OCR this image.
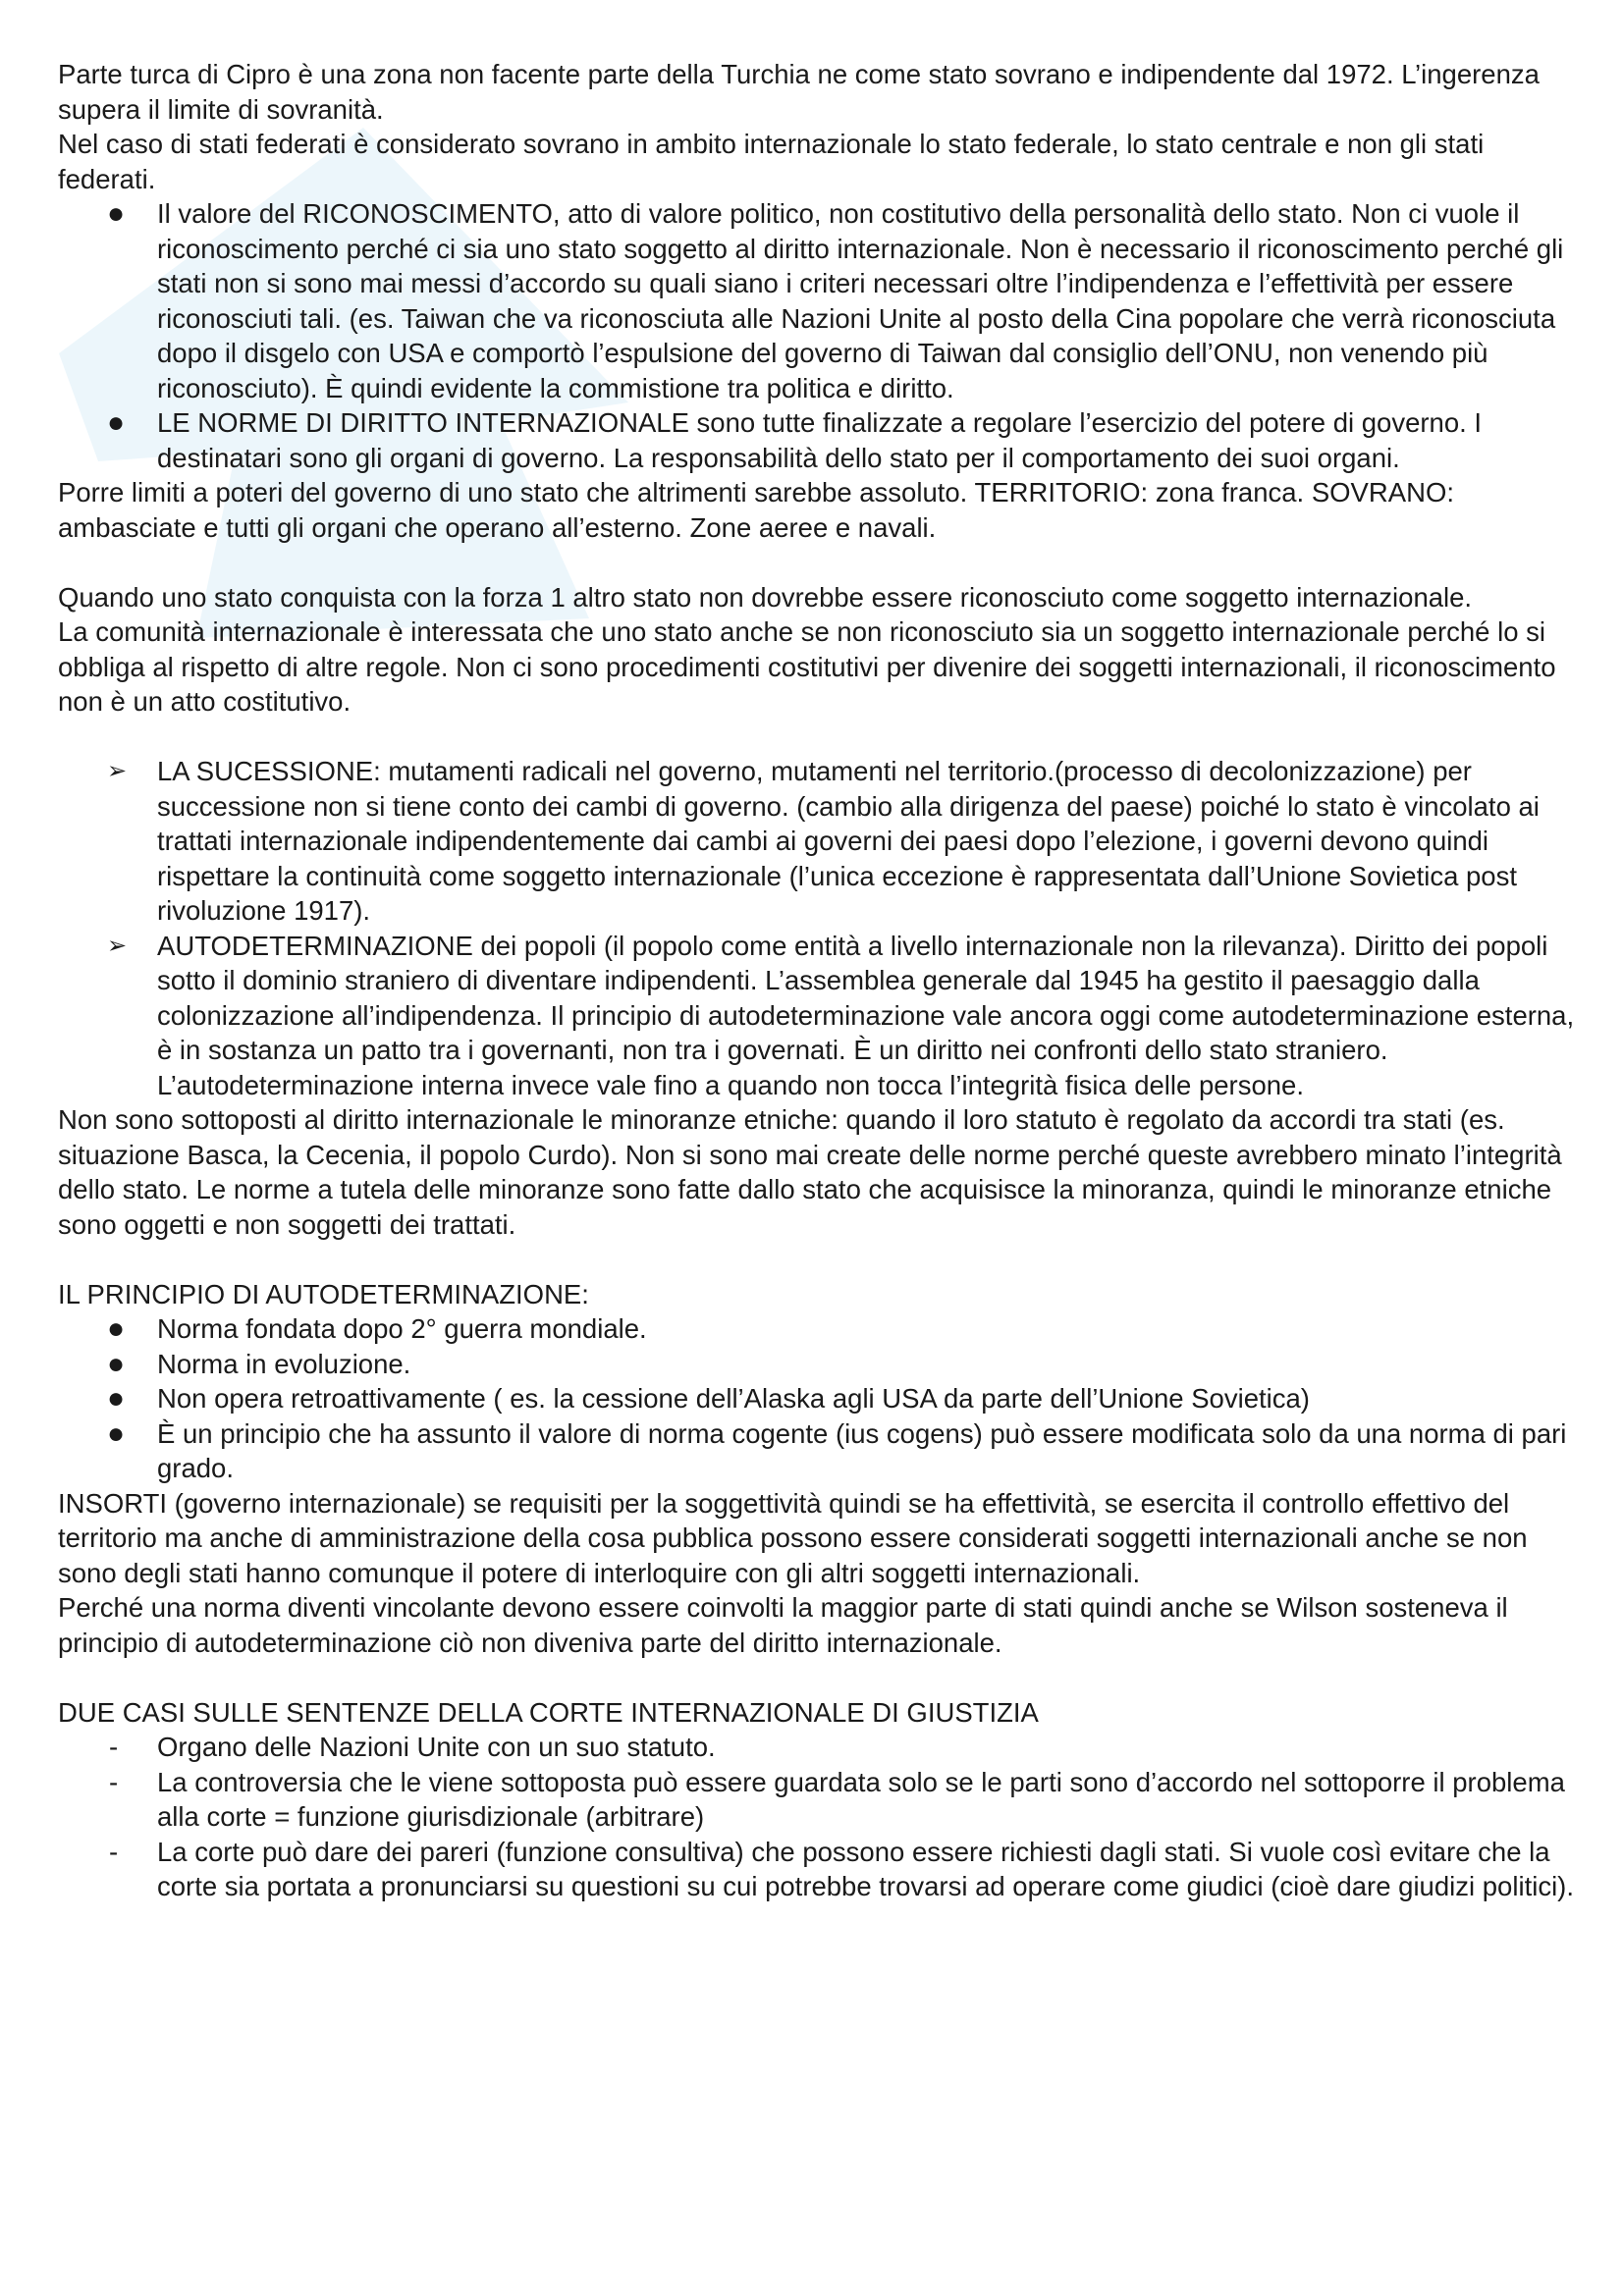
Parte turca di Cipro è una zona non facente parte della Turchia ne come stato sovrano e indipendente dal 1972. L’ingerenza supera il limite di sovranità.

Nel caso di stati federati è considerato sovrano in ambito internazionale lo stato federale, lo stato centrale e non gli stati federati.

●	Il valore del RICONOSCIMENTO, atto di valore politico, non costitutivo della personalità dello stato. Non ci vuole il riconoscimento perché ci sia uno stato soggetto al diritto internazionale. Non è necessario il riconoscimento perché gli stati non si sono mai messi d’accordo su quali siano i criteri necessari oltre l’indipendenza e l’effettività per essere riconosciuti tali. (es. Taiwan che va riconosciuta alle Nazioni Unite al posto della Cina popolare che verrà riconosciuta dopo il disgelo con USA e comportò l’espulsione del governo di Taiwan dal consiglio dell’ONU, non venendo più riconosciuto). È quindi evidente la commistione tra politica e diritto.
●	LE NORME DI DIRITTO INTERNAZIONALE sono tutte finalizzate a regolare l’esercizio del potere di governo. I destinatari sono gli organi di governo. La responsabilità dello stato per il comportamento dei suoi organi.

Porre limiti a poteri del governo di uno stato che altrimenti sarebbe assoluto. TERRITORIO: zona franca. SOVRANO: ambasciate e tutti gli organi che operano all’esterno. Zone aeree e navali.

Quando uno stato conquista con la forza 1 altro stato non dovrebbe essere riconosciuto come soggetto internazionale.

La comunità internazionale è interessata che uno stato anche se non riconosciuto sia un soggetto internazionale perché lo si obbliga al rispetto di altre regole. Non ci sono procedimenti costitutivi per divenire dei soggetti internazionali, il riconoscimento non è un atto costitutivo.

➢	LA SUCESSIONE: mutamenti radicali nel governo, mutamenti nel territorio.(processo di decolonizzazione) per successione non si tiene conto dei cambi di governo. (cambio alla dirigenza del paese) poiché lo stato è vincolato ai trattati internazionale indipendentemente dai cambi ai governi dei paesi dopo l’elezione, i governi devono quindi rispettare la continuità come soggetto internazionale (l’unica eccezione è rappresentata dall’Unione Sovietica post rivoluzione 1917).
➢	AUTODETERMINAZIONE dei popoli (il popolo come entità a livello internazionale non la rilevanza). Diritto dei popoli sotto il dominio straniero di diventare indipendenti. L’assemblea generale dal 1945 ha gestito il paesaggio dalla colonizzazione all’indipendenza. Il principio di autodeterminazione vale ancora oggi come autodeterminazione esterna, è in sostanza un patto tra i governanti, non tra i governati. È un diritto nei confronti dello stato straniero. L’autodeterminazione interna invece vale fino a quando non tocca l’integrità fisica delle persone.

Non sono sottoposti al diritto internazionale le minoranze etniche: quando il loro statuto è regolato da accordi tra stati (es. situazione Basca, la Cecenia, il popolo Curdo). Non si sono mai create delle norme perché queste avrebbero minato l’integrità dello stato. Le norme a tutela delle minoranze sono fatte dallo stato che acquisisce la minoranza, quindi le minoranze etniche sono oggetti e non soggetti dei trattati.

IL PRINCIPIO DI AUTODETERMINAZIONE:

●	Norma fondata dopo 2° guerra mondiale.
●	Norma in evoluzione.
●	Non opera retroattivamente ( es. la cessione dell’Alaska agli USA da parte dell’Unione Sovietica)
●	È un principio che ha assunto il valore di norma cogente (ius cogens) può essere modificata solo da una norma di pari grado.

INSORTI (governo internazionale) se requisiti per la soggettività quindi se ha effettività, se esercita il controllo effettivo del territorio ma anche di amministrazione della cosa pubblica possono essere considerati soggetti internazionali anche se non sono degli stati hanno comunque il potere di interloquire con gli altri soggetti internazionali.

Perché una norma diventi vincolante devono essere coinvolti la maggior parte di stati quindi anche se Wilson sosteneva il principio di autodeterminazione ciò non diveniva parte del diritto internazionale.

DUE CASI SULLE SENTENZE DELLA CORTE INTERNAZIONALE DI GIUSTIZIA

-	Organo delle Nazioni Unite con un suo statuto.
-	La controversia che le viene sottoposta può essere guardata solo se le parti sono d’accordo nel sottoporre il problema alla corte = funzione giurisdizionale (arbitrare)
-	La corte può dare dei pareri (funzione consultiva) che possono essere richiesti dagli stati. Si vuole così evitare che la corte sia portata a pronunciarsi su questioni su cui potrebbe trovarsi ad operare come giudici (cioè dare giudizi politici).
